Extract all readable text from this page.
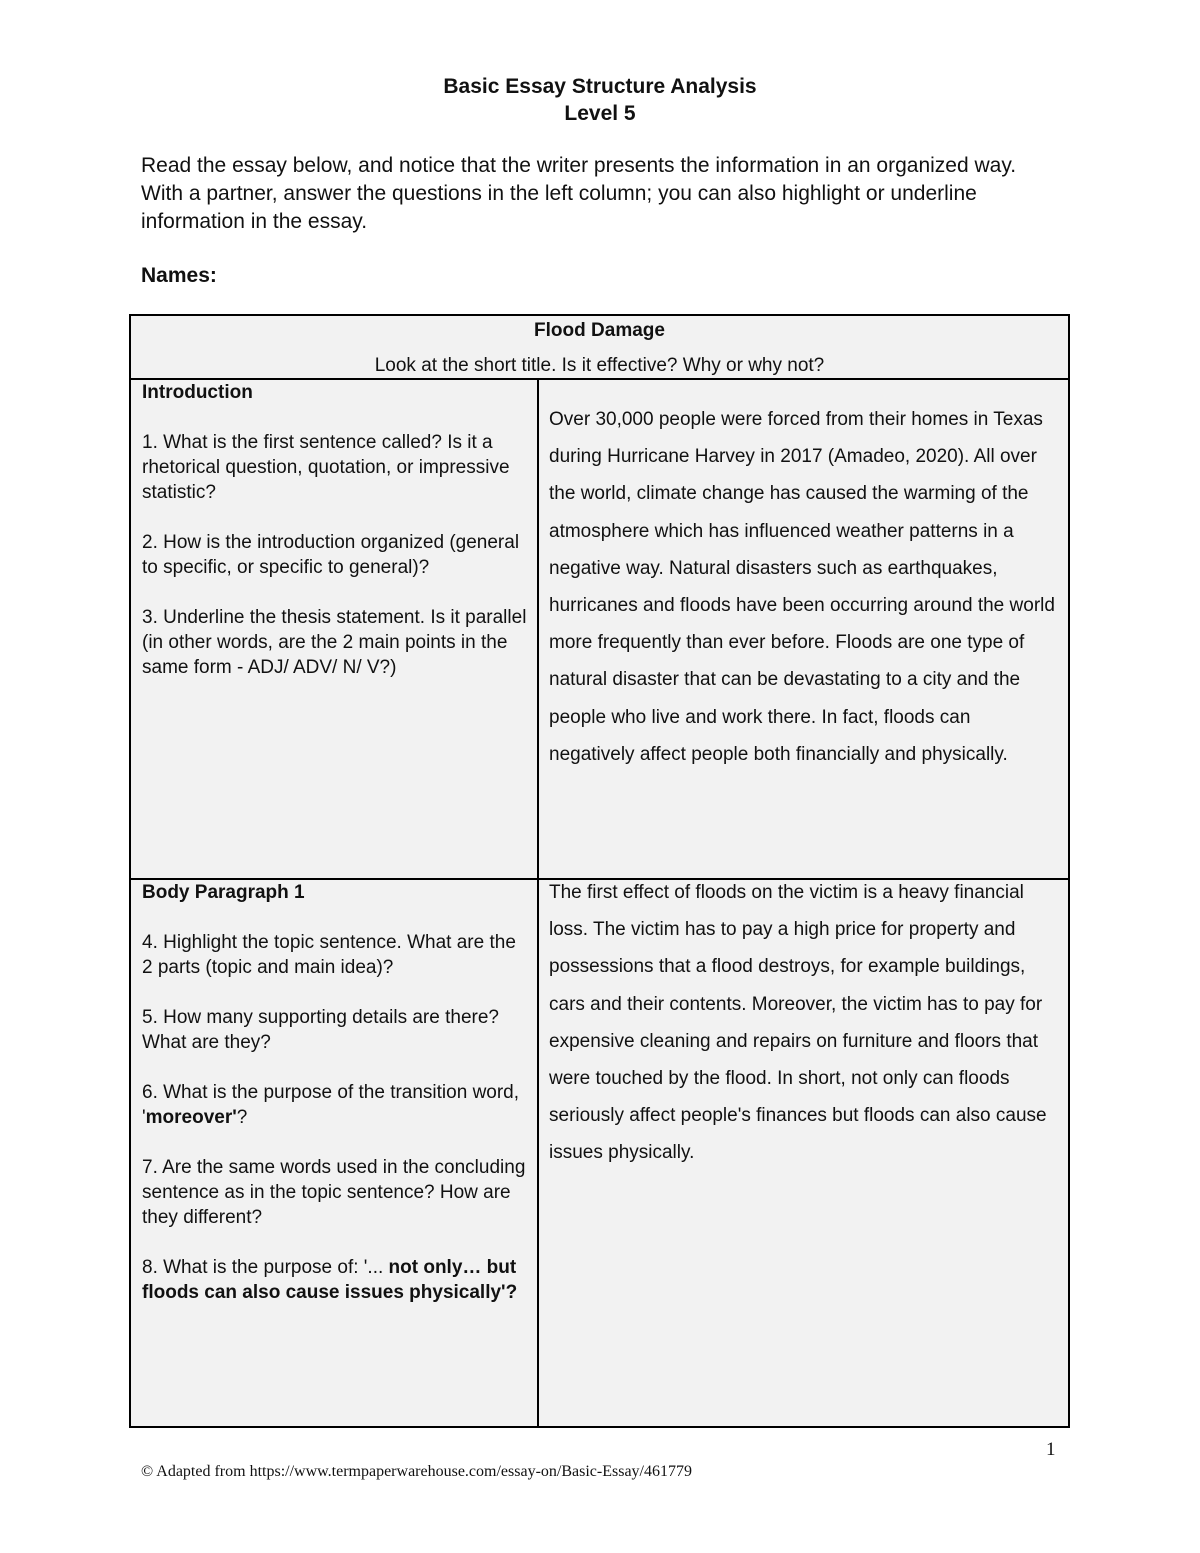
Basic Essay Structure Analysis
Level 5
Read the essay below, and notice that the writer presents the information in an organized way. With a partner, answer the questions in the left column; you can also highlight or underline information in the essay.
Names:
Flood Damage
Look at the short title. Is it effective? Why or why not?
Introduction
1. What is the first sentence called? Is it a rhetorical question, quotation, or impressive statistic?
2. How is the introduction organized (general to specific, or specific to general)?
3. Underline the thesis statement. Is it parallel (in other words, are the 2 main points in the same form - ADJ/ ADV/ N/ V?)
Over 30,000 people were forced from their homes in Texas during Hurricane Harvey in 2017 (Amadeo, 2020). All over the world, climate change has caused the warming of the atmosphere which has influenced weather patterns in a negative way. Natural disasters such as earthquakes, hurricanes and floods have been occurring around the world more frequently than ever before. Floods are one type of natural disaster that can be devastating to a city and the people who live and work there. In fact, floods can negatively affect people both financially and physically.
Body Paragraph 1
4. Highlight the topic sentence. What are the 2 parts (topic and main idea)?
5. How many supporting details are there? What are they?
6. What is the purpose of the transition word, 'moreover'?
7. Are the same words used in the concluding sentence as in the topic sentence? How are they different?
8. What is the purpose of: '... not only… but floods can also cause issues physically'?
The first effect of floods on the victim is a heavy financial loss. The victim has to pay a high price for property and possessions that a flood destroys, for example buildings, cars and their contents. Moreover, the victim has to pay for expensive cleaning and repairs on furniture and floors that were touched by the flood. In short, not only can floods seriously affect people's finances but floods can also cause issues physically.
1
© Adapted from https://www.termpaperwarehouse.com/essay-on/Basic-Essay/461779
